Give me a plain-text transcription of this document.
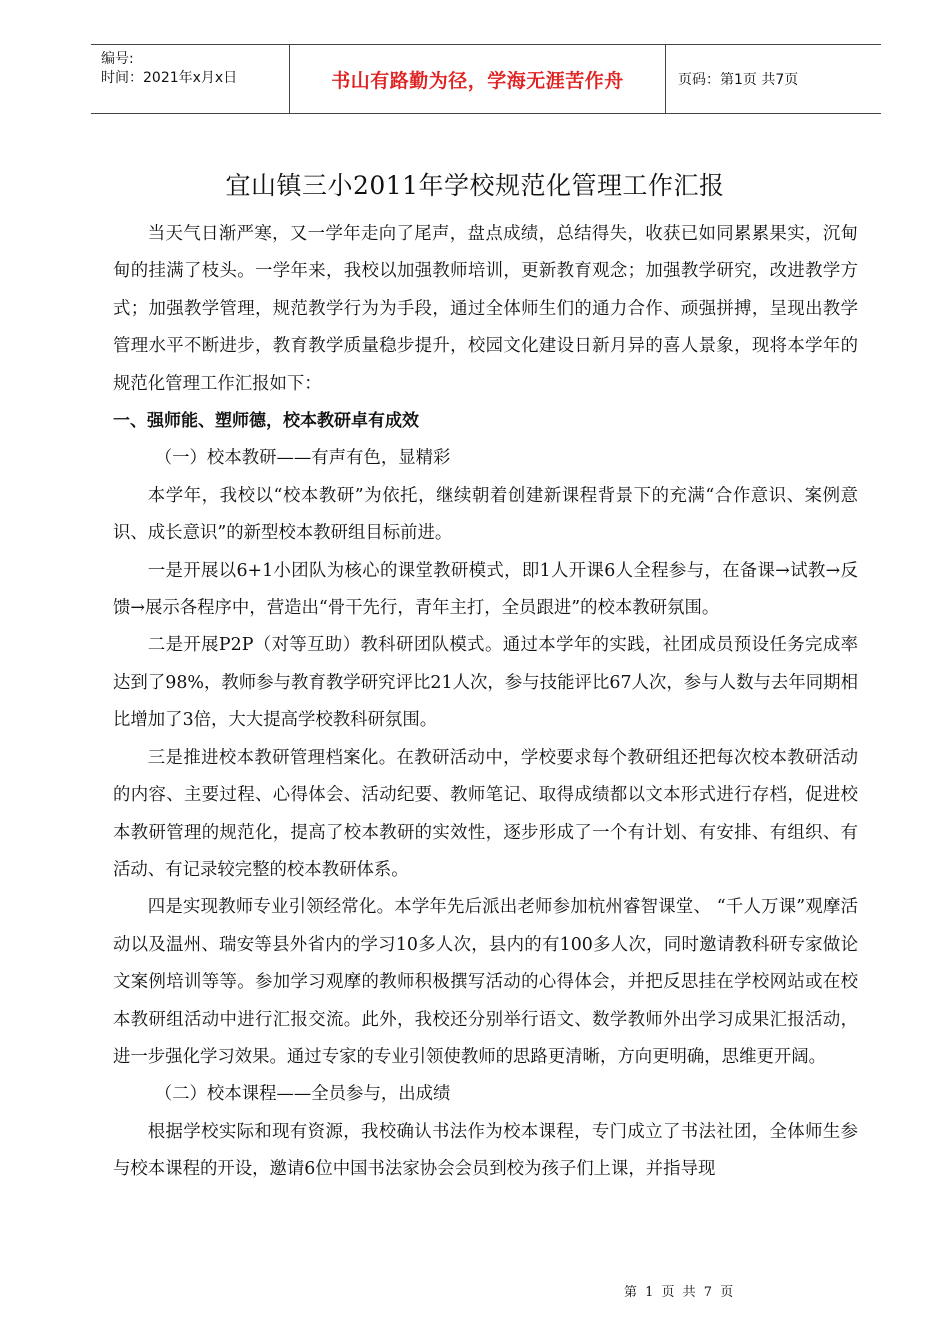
编号:
时间：2021年x月x日	书山有路勤为径，学海无涯苦作舟	页码：第1页 共7页
宜山镇三小2011年学校规范化管理工作汇报

当天气日渐严寒，又一学年走向了尾声，盘点成绩，总结得失，收获已如同累累果实，沉甸甸的挂满了枝头。一学年来，我校以加强教师培训，更新教育观念；加强教学研究，改进教学方式；加强教学管理，规范教学行为为手段，通过全体师生们的通力合作、顽强拼搏，呈现出教学管理水平不断进步，教育教学质量稳步提升，校园文化建设日新月异的喜人景象，现将本学年的规范化管理工作汇报如下：

一、强师能、塑师德，校本教研卓有成效

（一）校本教研——有声有色，显精彩

本学年，我校以“校本教研”为依托，继续朝着创建新课程背景下的充满“合作意识、案例意识、成长意识”的新型校本教研组目标前进。

一是开展以6+1小团队为核心的课堂教研模式，即1人开课6人全程参与，在备课→试教→反馈→展示各程序中，营造出“骨干先行，青年主打，全员跟进”的校本教研氛围。

二是开展P2P（对等互助）教科研团队模式。通过本学年的实践，社团成员预设任务完成率达到了98%，教师参与教育教学研究评比21人次，参与技能评比67人次，参与人数与去年同期相比增加了3倍，大大提高学校教科研氛围。

三是推进校本教研管理档案化。在教研活动中，学校要求每个教研组还把每次校本教研活动的内容、主要过程、心得体会、活动纪要、教师笔记、取得成绩都以文本形式进行存档，促进校本教研管理的规范化，提高了校本教研的实效性，逐步形成了一个有计划、有安排、有组织、有活动、有记录较完整的校本教研体系。

四是实现教师专业引领经常化。本学年先后派出老师参加杭州睿智课堂、 “千人万课”观摩活动以及温州、瑞安等县外省内的学习10多人次，县内的有100多人次，同时邀请教科研专家做论文案例培训等等。参加学习观摩的教师积极撰写活动的心得体会，并把反思挂在学校网站或在校本教研组活动中进行汇报交流。此外，我校还分别举行语文、数学教师外出学习成果汇报活动，进一步强化学习效果。通过专家的专业引领使教师的思路更清晰，方向更明确，思维更开阔。

（二）校本课程——全员参与，出成绩

根据学校实际和现有资源，我校确认书法作为校本课程，专门成立了书法社团，全体师生参与校本课程的开设，邀请6位中国书法家协会会员到校为孩子们上课，并指导现

第 1 页 共 7 页
